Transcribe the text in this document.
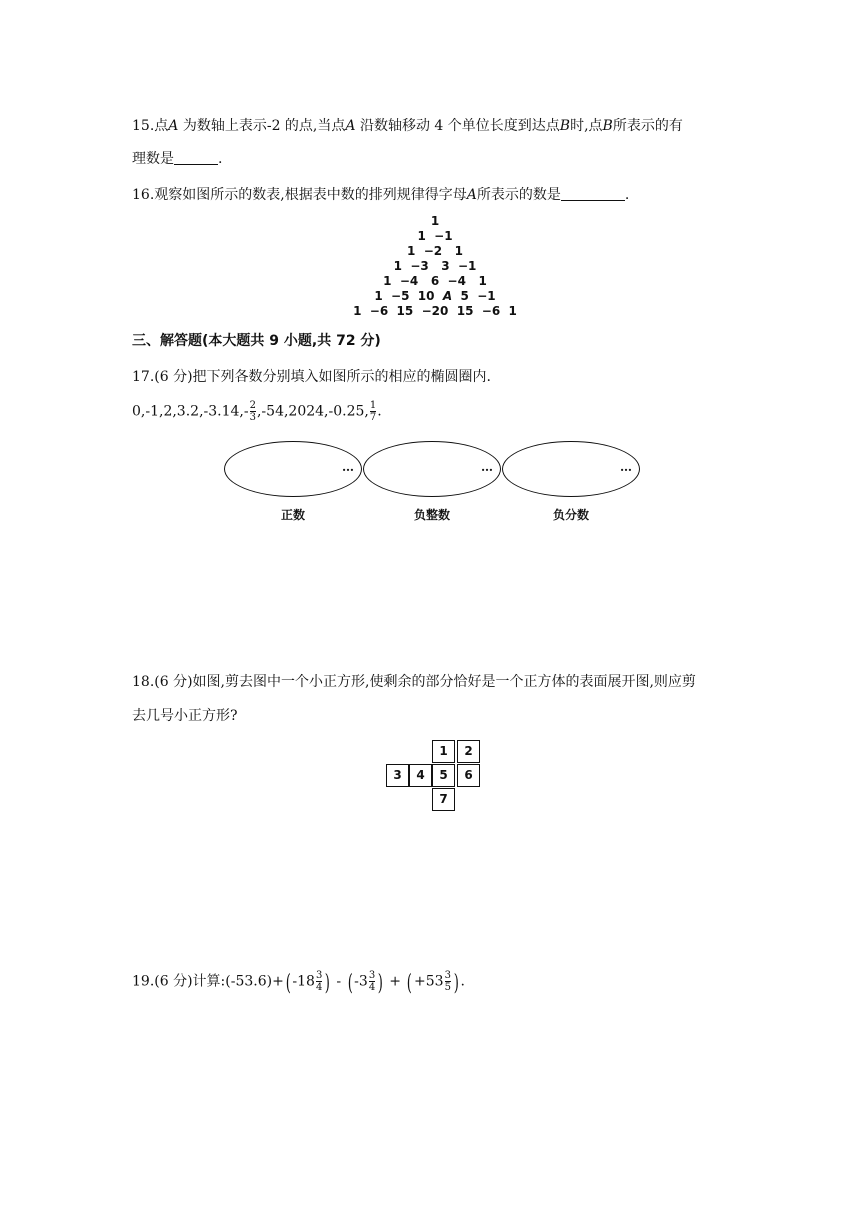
15.点A 为数轴上表示-2 的点,当点A 沿数轴移动 4 个单位长度到达点B时,点B所表示的有
理数是	.
16.观察如图所示的数表,根据表中数的排列规律得字母A所表示的数是	.
1
1  −1
1  −2   1
1  −3   3  −1
1  −4   6  −4   1
1  −5  10 A 5  −1
1  −6  15  −20  15  −6  1
三、解答题(本大题共 9 小题,共 72 分)
17.(6 分)把下列各数分别填入如图所示的相应的椭圆圈内.
$0,-1,2,3.2,-3.14,- \frac{2}{3} ,-54,2024,-0.25$, $\frac{1}{7}$ .
…	…	…
正数	负整数	负分数
18.(6 分)如图,剪去图中一个小正方形,使剩余的部分恰好是一个正方体的表面展开图,则应剪
去几号小正方形?
1	2
3	4	5	6
7
19.(6 分)计算:(-53.6)+( $-18 \frac{3}{4}$ ) - ( $-3 \frac{3}{4}$ ) + ( $+53 \frac{3}{5}$ ) .
